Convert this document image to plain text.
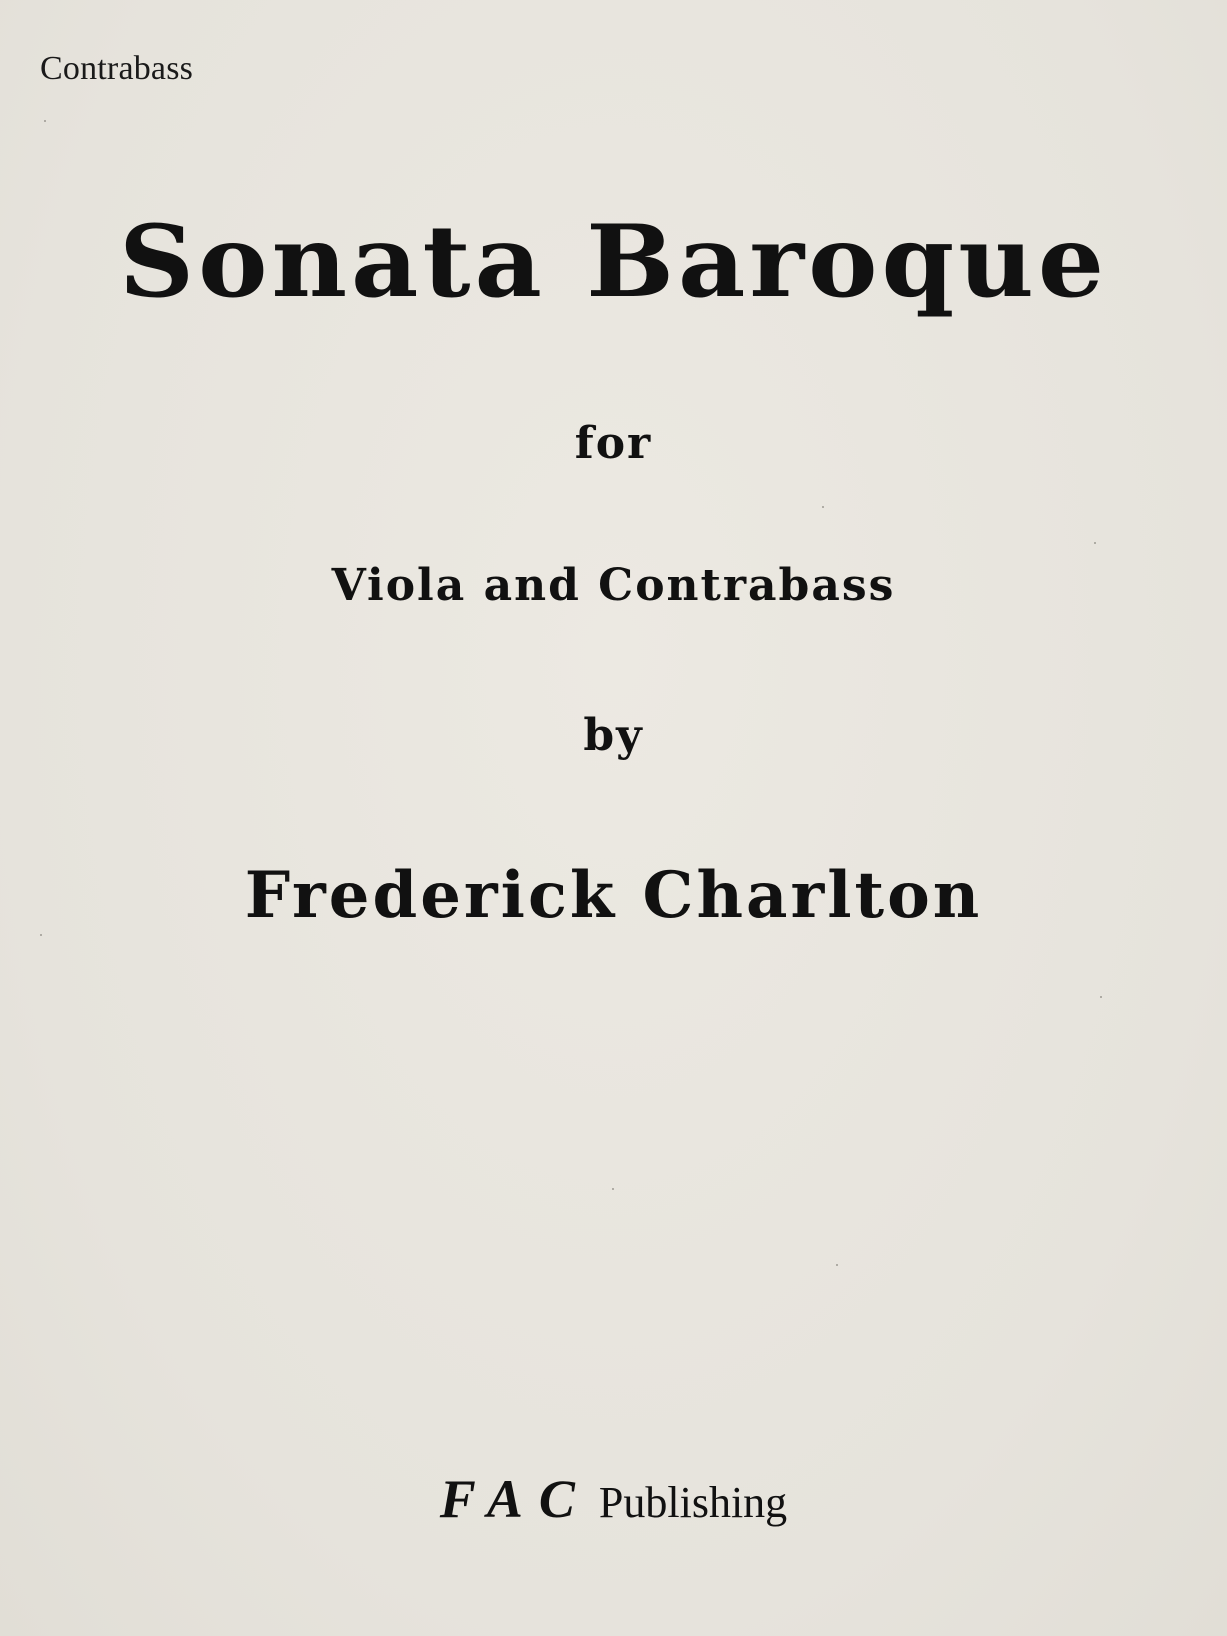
Contrabass
Sonata Baroque
for
Viola and Contrabass
by
Frederick Charlton
FAC Publishing
